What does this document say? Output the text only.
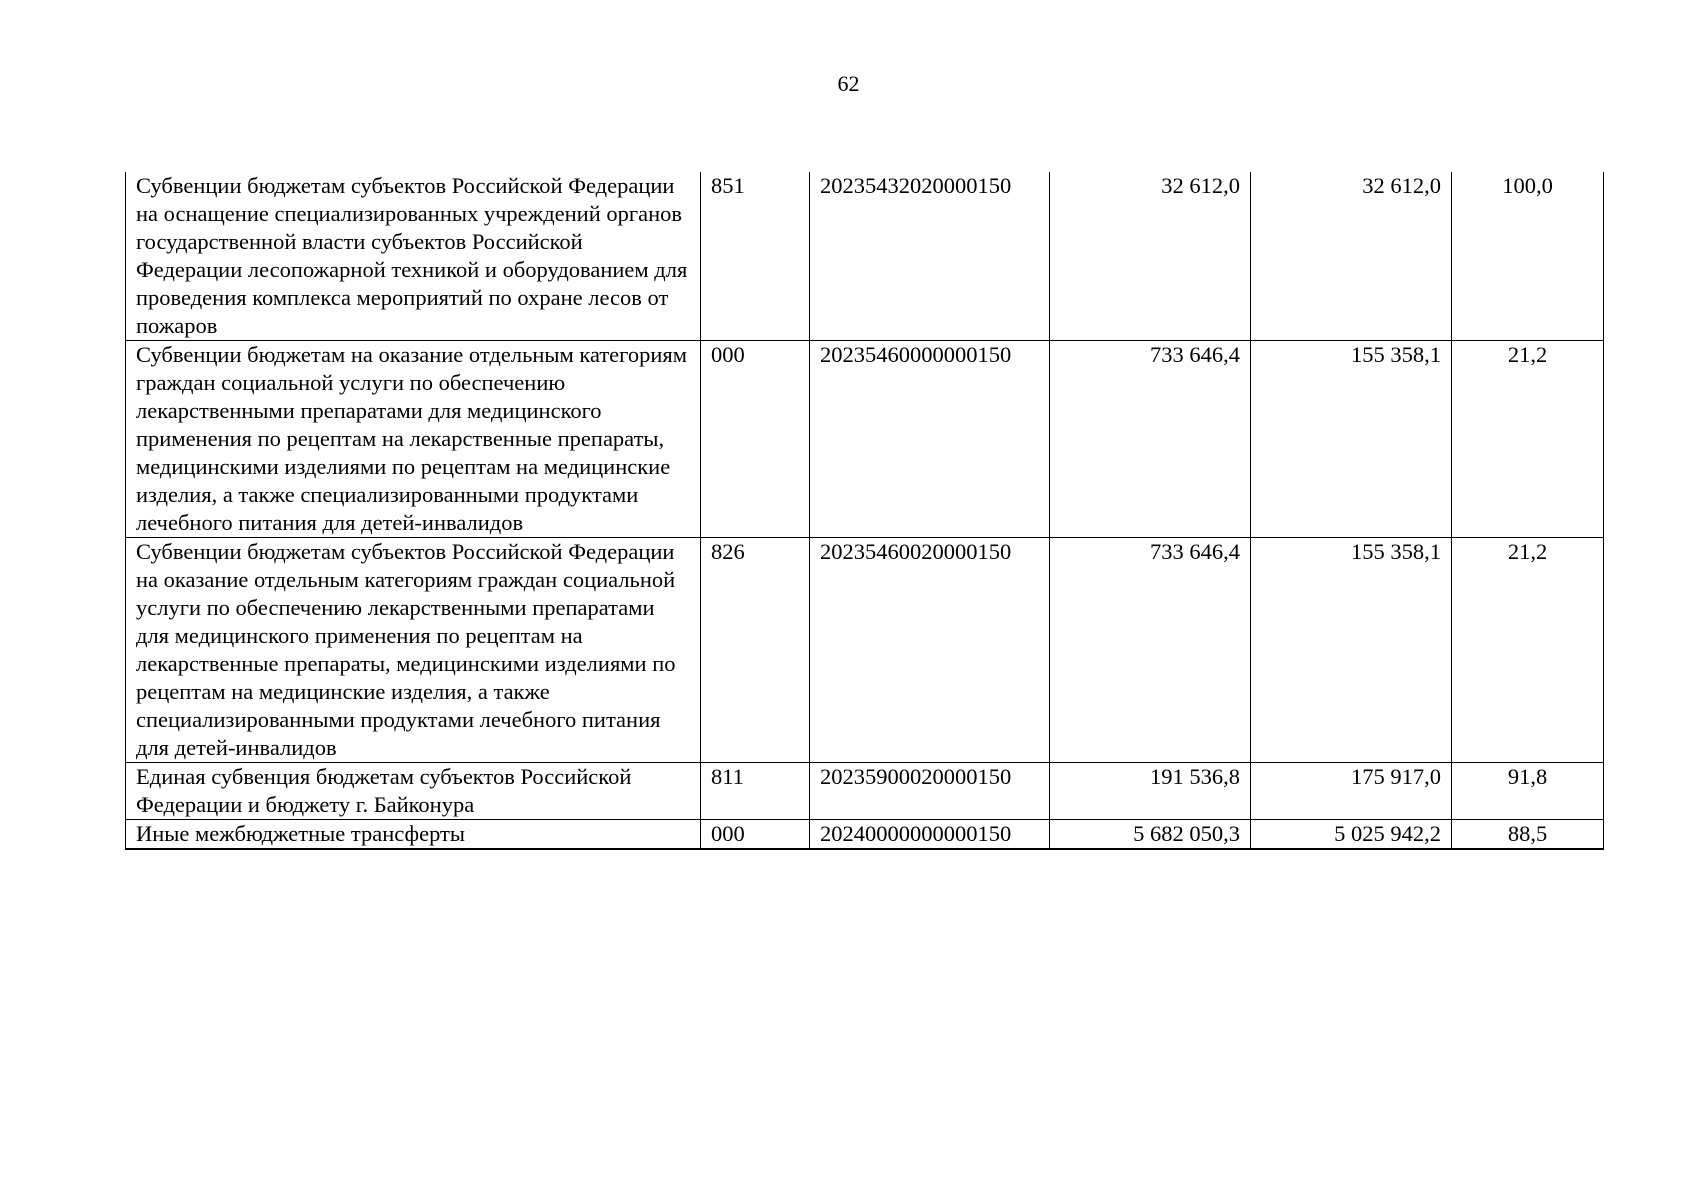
62
Субвенции бюджетам субъектов Российской Федерации на оснащение специализированных учреждений органов государственной власти субъектов Российской Федерации лесопожарной техникой и оборудованием для проведения комплекса мероприятий по охране лесов от пожаров	851	20235432020000150	32 612,0	32 612,0	100,0
Субвенции бюджетам на оказание отдельным категориям граждан социальной услуги по обеспечению лекарственными препаратами для медицинского применения по рецептам на лекарственные препараты, медицинскими изделиями по рецептам на медицинские изделия, а также специализированными продуктами лечебного питания для детей-инвалидов	000	20235460000000150	733 646,4	155 358,1	21,2
Субвенции бюджетам субъектов Российской Федерации на оказание отдельным категориям граждан социальной услуги по обеспечению лекарственными препаратами для медицинского применения по рецептам на лекарственные препараты, медицинскими изделиями по рецептам на медицинские изделия, а также специализированными продуктами лечебного питания для детей-инвалидов	826	20235460020000150	733 646,4	155 358,1	21,2
Единая субвенция бюджетам субъектов Российской Федерации и бюджету г. Байконура	811	20235900020000150	191 536,8	175 917,0	91,8
Иные межбюджетные трансферты	000	20240000000000150	5 682 050,3	5 025 942,2	88,5
